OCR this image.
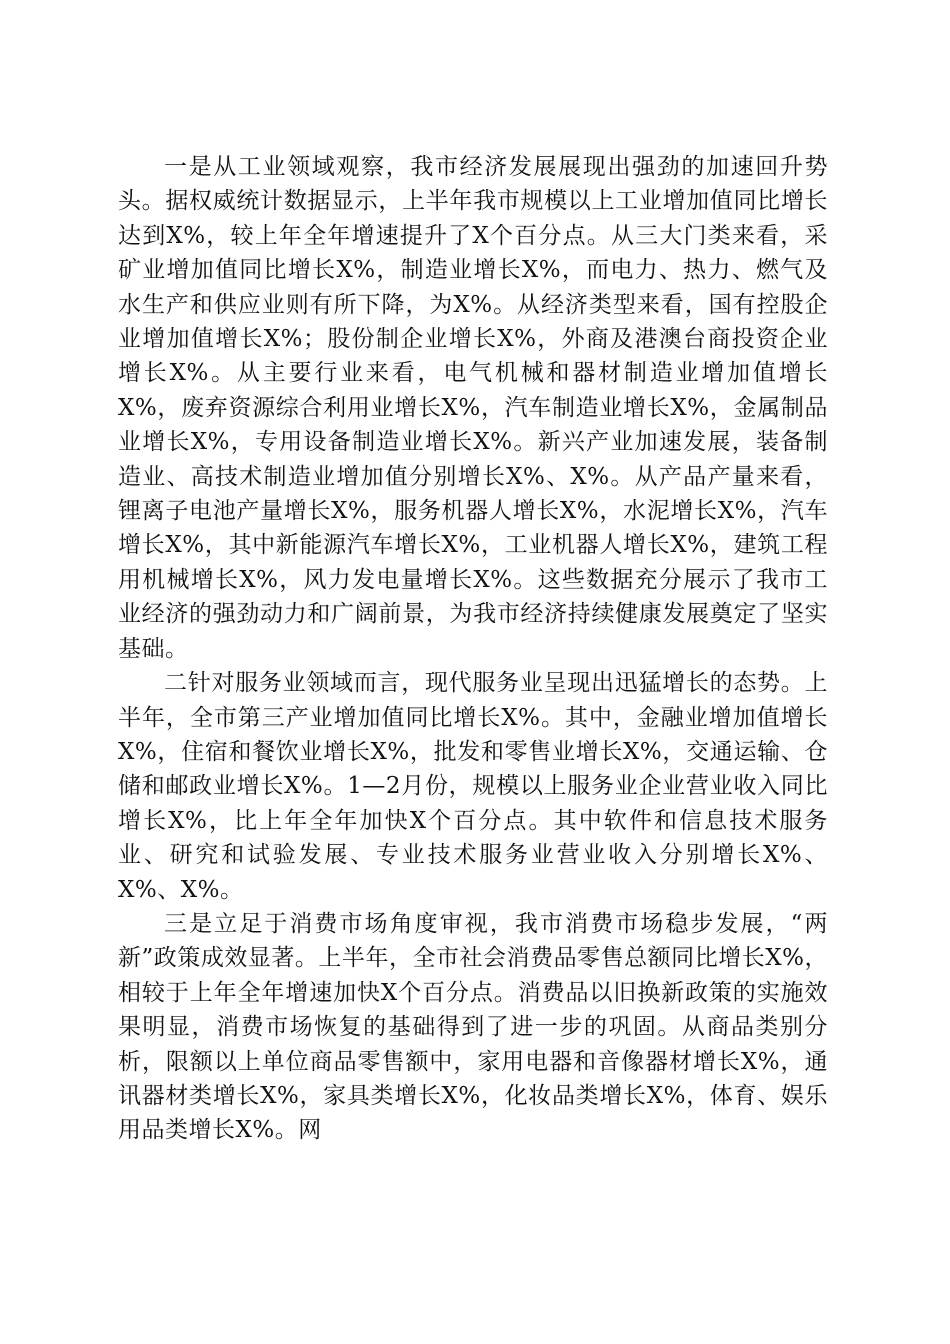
一是从工业领域观察，我市经济发展展现出强劲的加速回升势头。据权威统计数据显示，上半年我市规模以上工业增加值同比增长达到X%，较上年全年增速提升了X个百分点。从三大门类来看，采矿业增加值同比增长X%，制造业增长X%，而电力、热力、燃气及水生产和供应业则有所下降，为X%。从经济类型来看，国有控股企业增加值增长X%；股份制企业增长X%，外商及港澳台商投资企业增长X%。从主要行业来看，电气机械和器材制造业增加值增长X%，废弃资源综合利用业增长X%，汽车制造业增长X%，金属制品业增长X%，专用设备制造业增长X%。新兴产业加速发展，装备制造业、高技术制造业增加值分别增长X%、X%。从产品产量来看，锂离子电池产量增长X%，服务机器人增长X%，水泥增长X%，汽车增长X%，其中新能源汽车增长X%，工业机器人增长X%，建筑工程用机械增长X%，风力发电量增长X%。这些数据充分展示了我市工业经济的强劲动力和广阔前景，为我市经济持续健康发展奠定了坚实基础。

二针对服务业领域而言，现代服务业呈现出迅猛增长的态势。上半年，全市第三产业增加值同比增长X%。其中，金融业增加值增长X%，住宿和餐饮业增长X%，批发和零售业增长X%，交通运输、仓储和邮政业增长X%。1—2月份，规模以上服务业企业营业收入同比增长X%，比上年全年加快X个百分点。其中软件和信息技术服务业、研究和试验发展、专业技术服务业营业收入分别增长X%、X%、X%。

三是立足于消费市场角度审视，我市消费市场稳步发展，“两新”政策成效显著。上半年，全市社会消费品零售总额同比增长X%，相较于上年全年增速加快X个百分点。消费品以旧换新政策的实施效果明显，消费市场恢复的基础得到了进一步的巩固。从商品类别分析，限额以上单位商品零售额中，家用电器和音像器材增长X%，通讯器材类增长X%，家具类增长X%，化妆品类增长X%，体育、娱乐用品类增长X%。网
